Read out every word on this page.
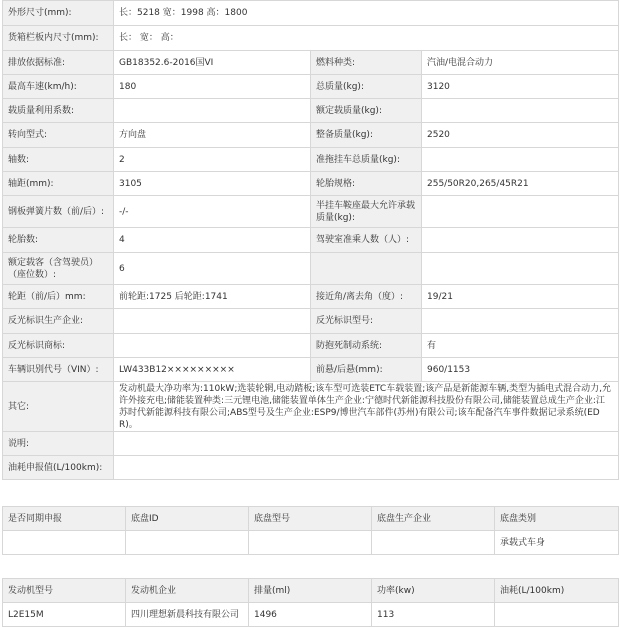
外形尺寸(mm):	长：5218 宽：1998 高：1800		
货箱栏板内尺寸(mm):	长： 宽： 高：		
排放依据标准:	GB18352.6-2016国VI	燃料种类:	汽油/电混合动力
最高车速(km/h):	180	总质量(kg):	3120
载质量利用系数:		额定载质量(kg):	
转向型式:	方向盘	整备质量(kg):	2520
轴数:	2	准拖挂车总质量(kg):	
轴距(mm):	3105	轮胎规格:	255/50R20,265/45R21
钢板弹簧片数（前/后）:	-/-	半挂车鞍座最大允许承载质量(kg):	
轮胎数:	4	驾驶室准乘人数（人）:	
额定载客（含驾驶员）（座位数）:	6		
轮距（前/后）mm:	前轮距:1725 后轮距:1741	接近角/离去角（度）:	19/21
反光标识生产企业:		反光标识型号:	
反光标识商标:		防抱死制动系统:	有
车辆识别代号（VIN）:	LW433B12×××××××××	前悬/后悬(mm):	960/1153
其它:	发动机最大净功率为:110kW;选装轮辋,电动踏板;该车型可选装ETC车载装置;该产品是新能源车辆,类型为插电式混合动力,允许外接充电;储能装置种类:三元锂电池,储能装置单体生产企业:宁德时代新能源科技股份有限公司,储能装置总成生产企业:江苏时代新能源科技有限公司;ABS型号及生产企业:ESP9/博世汽车部件(苏州)有限公司;该车配备汽车事件数据记录系统(EDR)。		
说明:			
油耗申报值(L/100km):			
是否同期申报	底盘ID	底盘型号	底盘生产企业	底盘类别
				承载式车身
发动机型号	发动机企业	排量(ml)	功率(kw)	油耗(L/100km)
L2E15M	四川理想新晨科技有限公司	1496	113	
